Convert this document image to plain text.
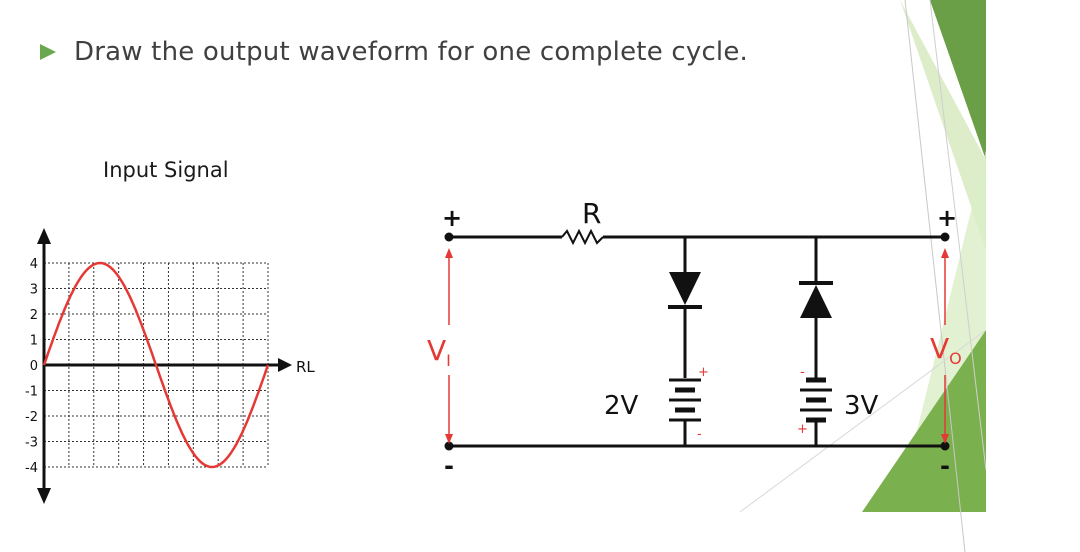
Draw the output waveform for one complete cycle.
Input Signal
RL
4
3
2
1
0
-1
-2
-3
-4
+
-
2V
-
+
3V
R
+
-
$V_I$
+
-
$V_O$
